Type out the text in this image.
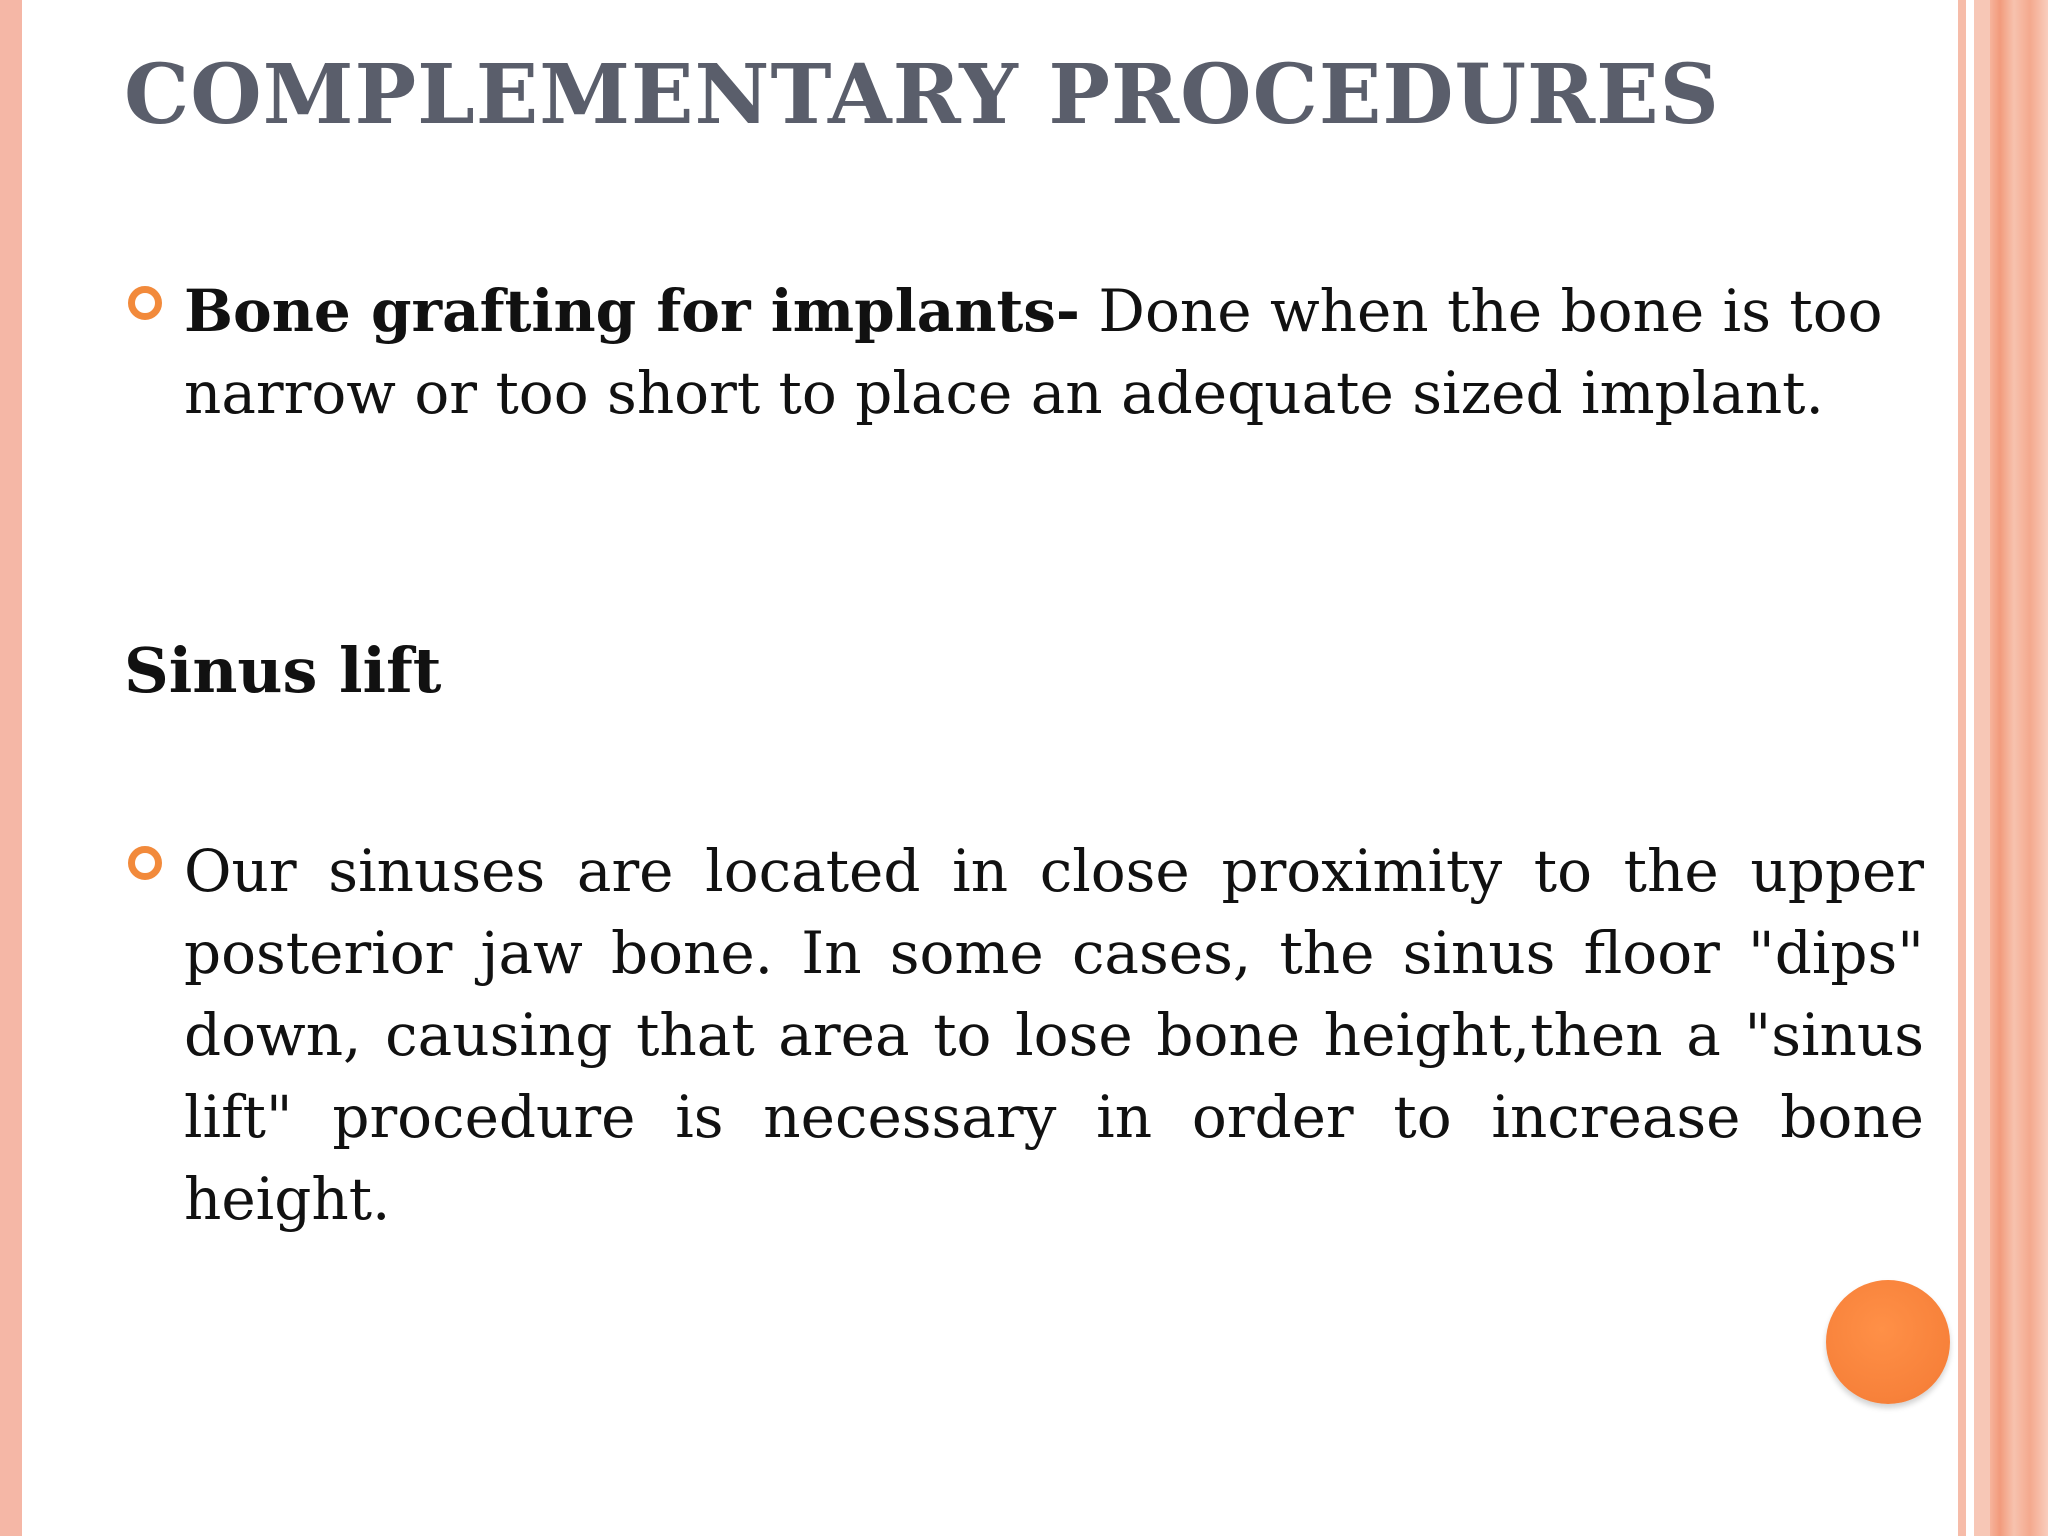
COMPLEMENTARY PROCEDURES

Bone grafting for implants- Done when the bone is too narrow or too short to place an adequate sized implant.

Sinus lift

Our sinuses are located in close proximity to the upper posterior jaw bone. In some cases, the sinus floor "dips" down, causing that area to lose bone height,then a "sinus lift" procedure is necessary in order to increase bone height.
